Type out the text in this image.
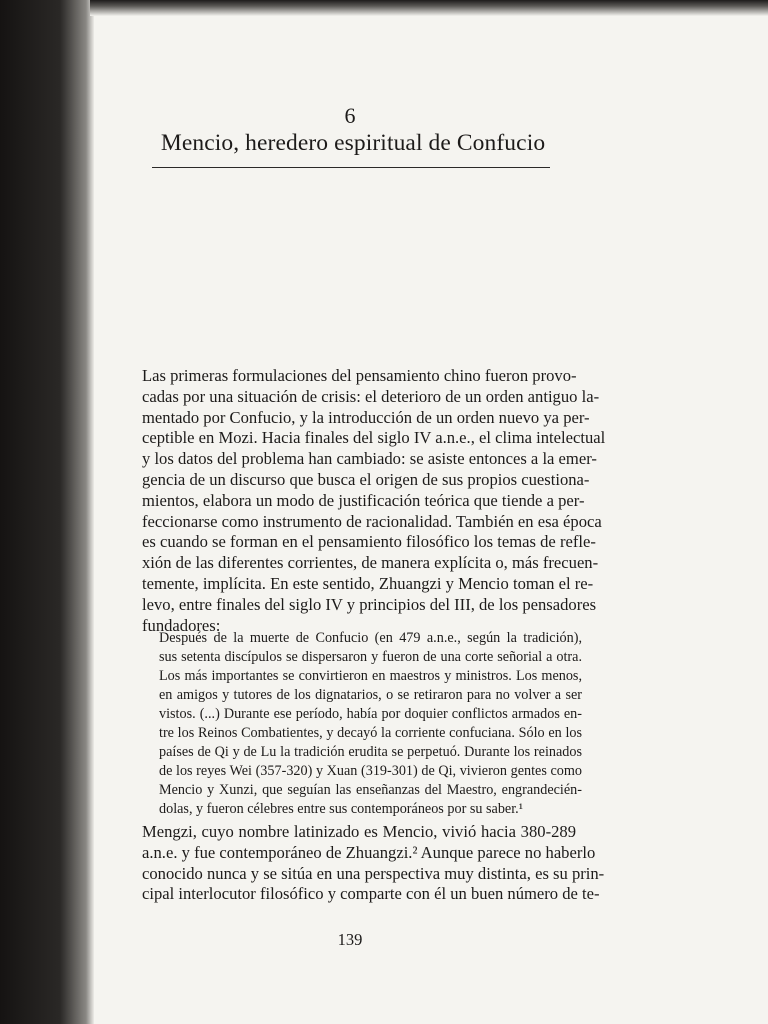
6
Mencio, heredero espiritual de Confucio
Las primeras formulaciones del pensamiento chino fueron provo-
cadas por una situación de crisis: el deterioro de un orden antiguo la-
mentado por Confucio, y la introducción de un orden nuevo ya per-
ceptible en Mozi. Hacia finales del siglo IV a.n.e., el clima intelectual
y los datos del problema han cambiado: se asiste entonces a la emer-
gencia de un discurso que busca el origen de sus propios cuestiona-
mientos, elabora un modo de justificación teórica que tiende a per-
feccionarse como instrumento de racionalidad. También en esa época
es cuando se forman en el pensamiento filosófico los temas de refle-
xión de las diferentes corrientes, de manera explícita o, más frecuen-
temente, implícita. En este sentido, Zhuangzi y Mencio toman el re-
levo, entre finales del siglo IV y principios del III, de los pensadores
fundadores:
Después de la muerte de Confucio (en 479 a.n.e., según la tradición),
sus setenta discípulos se dispersaron y fueron de una corte señorial a otra.
Los más importantes se convirtieron en maestros y ministros. Los menos,
en amigos y tutores de los dignatarios, o se retiraron para no volver a ser
vistos. (...) Durante ese período, había por doquier conflictos armados en-
tre los Reinos Combatientes, y decayó la corriente confuciana. Sólo en los
países de Qi y de Lu la tradición erudita se perpetuó. Durante los reinados
de los reyes Wei (357-320) y Xuan (319-301) de Qi, vivieron gentes como
Mencio y Xunzi, que seguían las enseñanzas del Maestro, engrandecién-
dolas, y fueron célebres entre sus contemporáneos por su saber.¹
Mengzi, cuyo nombre latinizado es Mencio, vivió hacia 380-289
a.n.e. y fue contemporáneo de Zhuangzi.² Aunque parece no haberlo
conocido nunca y se sitúa en una perspectiva muy distinta, es su prin-
cipal interlocutor filosófico y comparte con él un buen número de te-
139
